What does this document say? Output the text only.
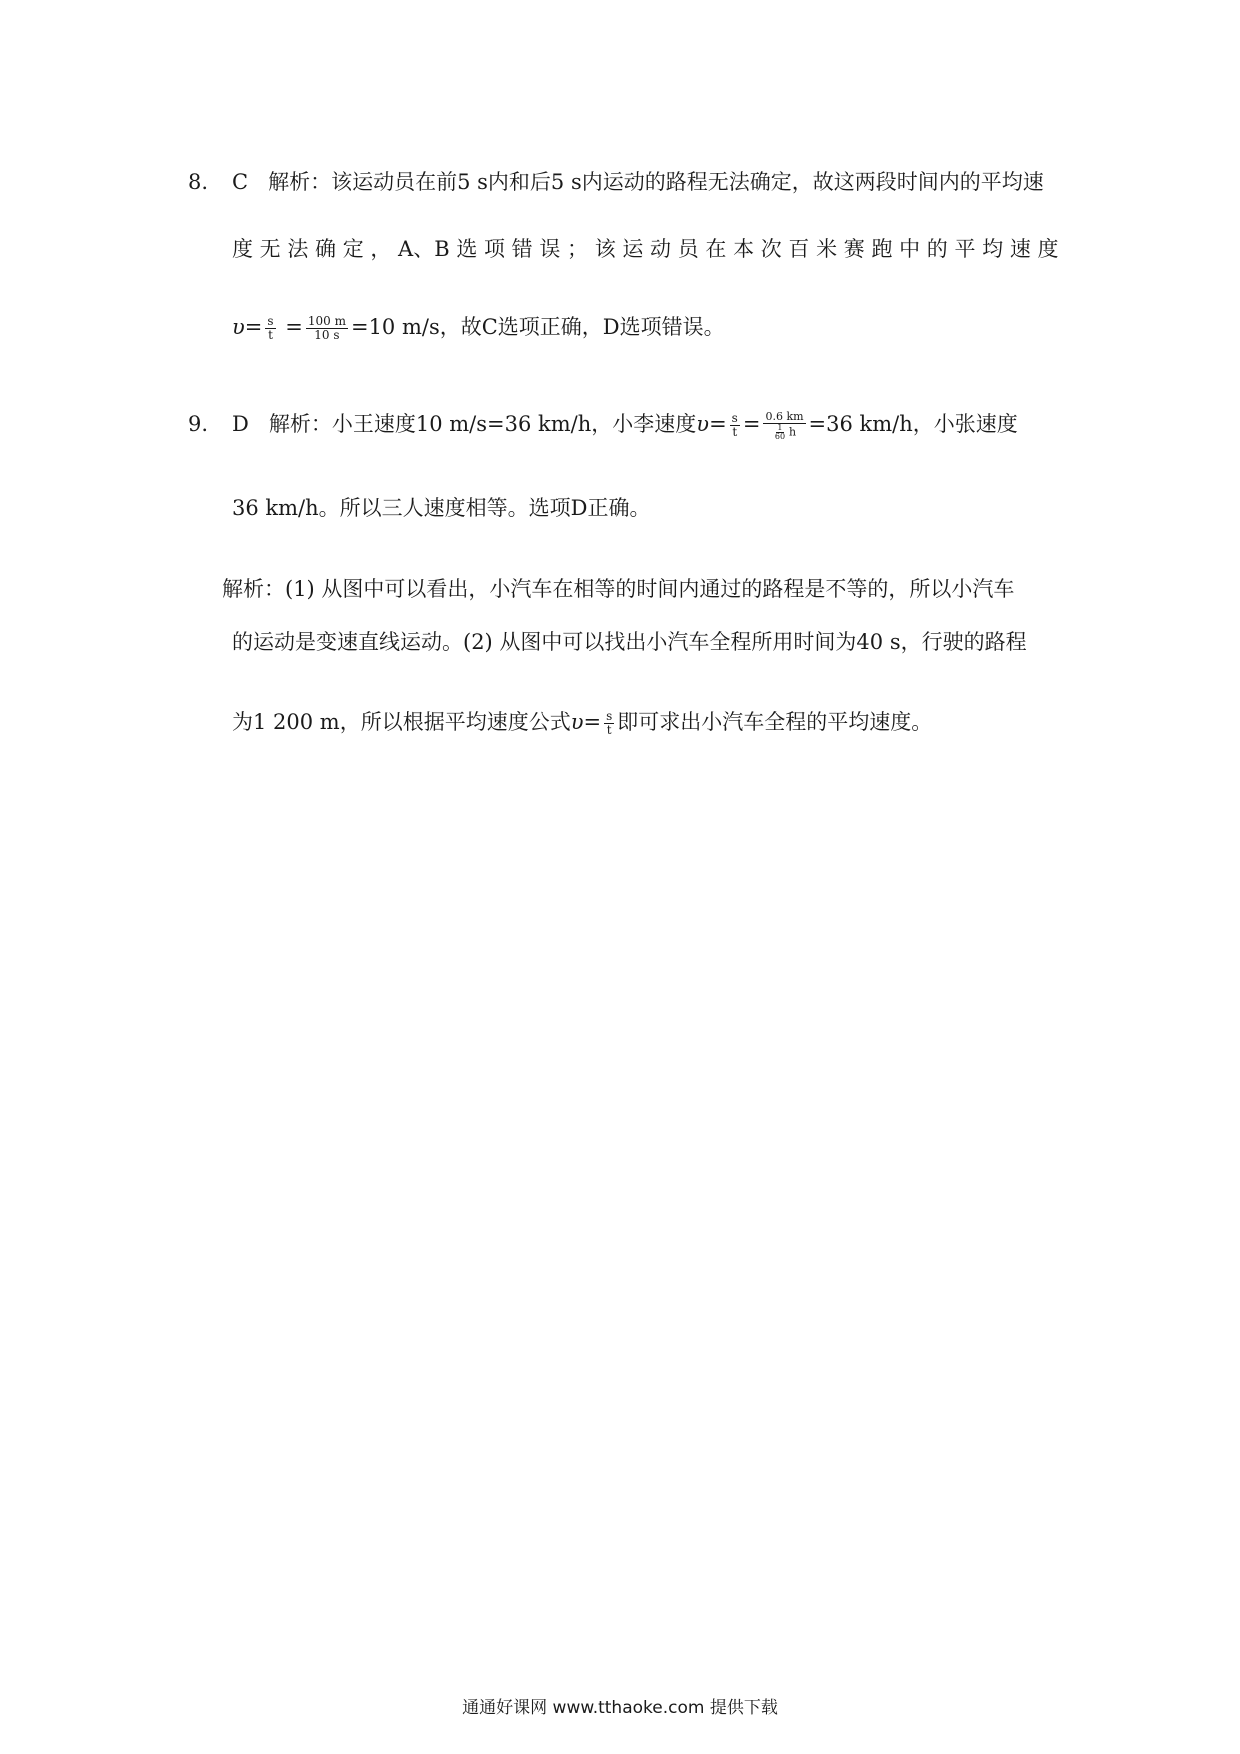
8. C 解析：该运动员在前5 s内和后5 s内运动的路程无法确定，故这两段时间内的平均速
度 无 法 确 定 ， A、B 选 项 错 误 ； 该 运 动 员 在 本 次 百 米 赛 跑 中 的 平 均 速 度
$\upsilon= \frac{s}{t} = \frac{100 m}{10 s} =10$ m/s，故C选项正确，D选项错误。
9. D 解析：小王速度10 m/s=36 km/h，小李速度$\upsilon= \frac{s}{t} = \frac{0.6 km}{\frac{1}{60} h} =36$ km/h，小张速度
36 km/h。所以三人速度相等。选项D正确。
解析：(1) 从图中可以看出，小汽车在相等的时间内通过的路程是不等的，所以小汽车
的运动是变速直线运动。(2) 从图中可以找出小汽车全程所用时间为40 s，行驶的路程
为1 200 m，所以根据平均速度公式$\upsilon= \frac{s}{t}$ 即可求出小汽车全程的平均速度。
通通好课网 www.tthaoke.com 提供下载
